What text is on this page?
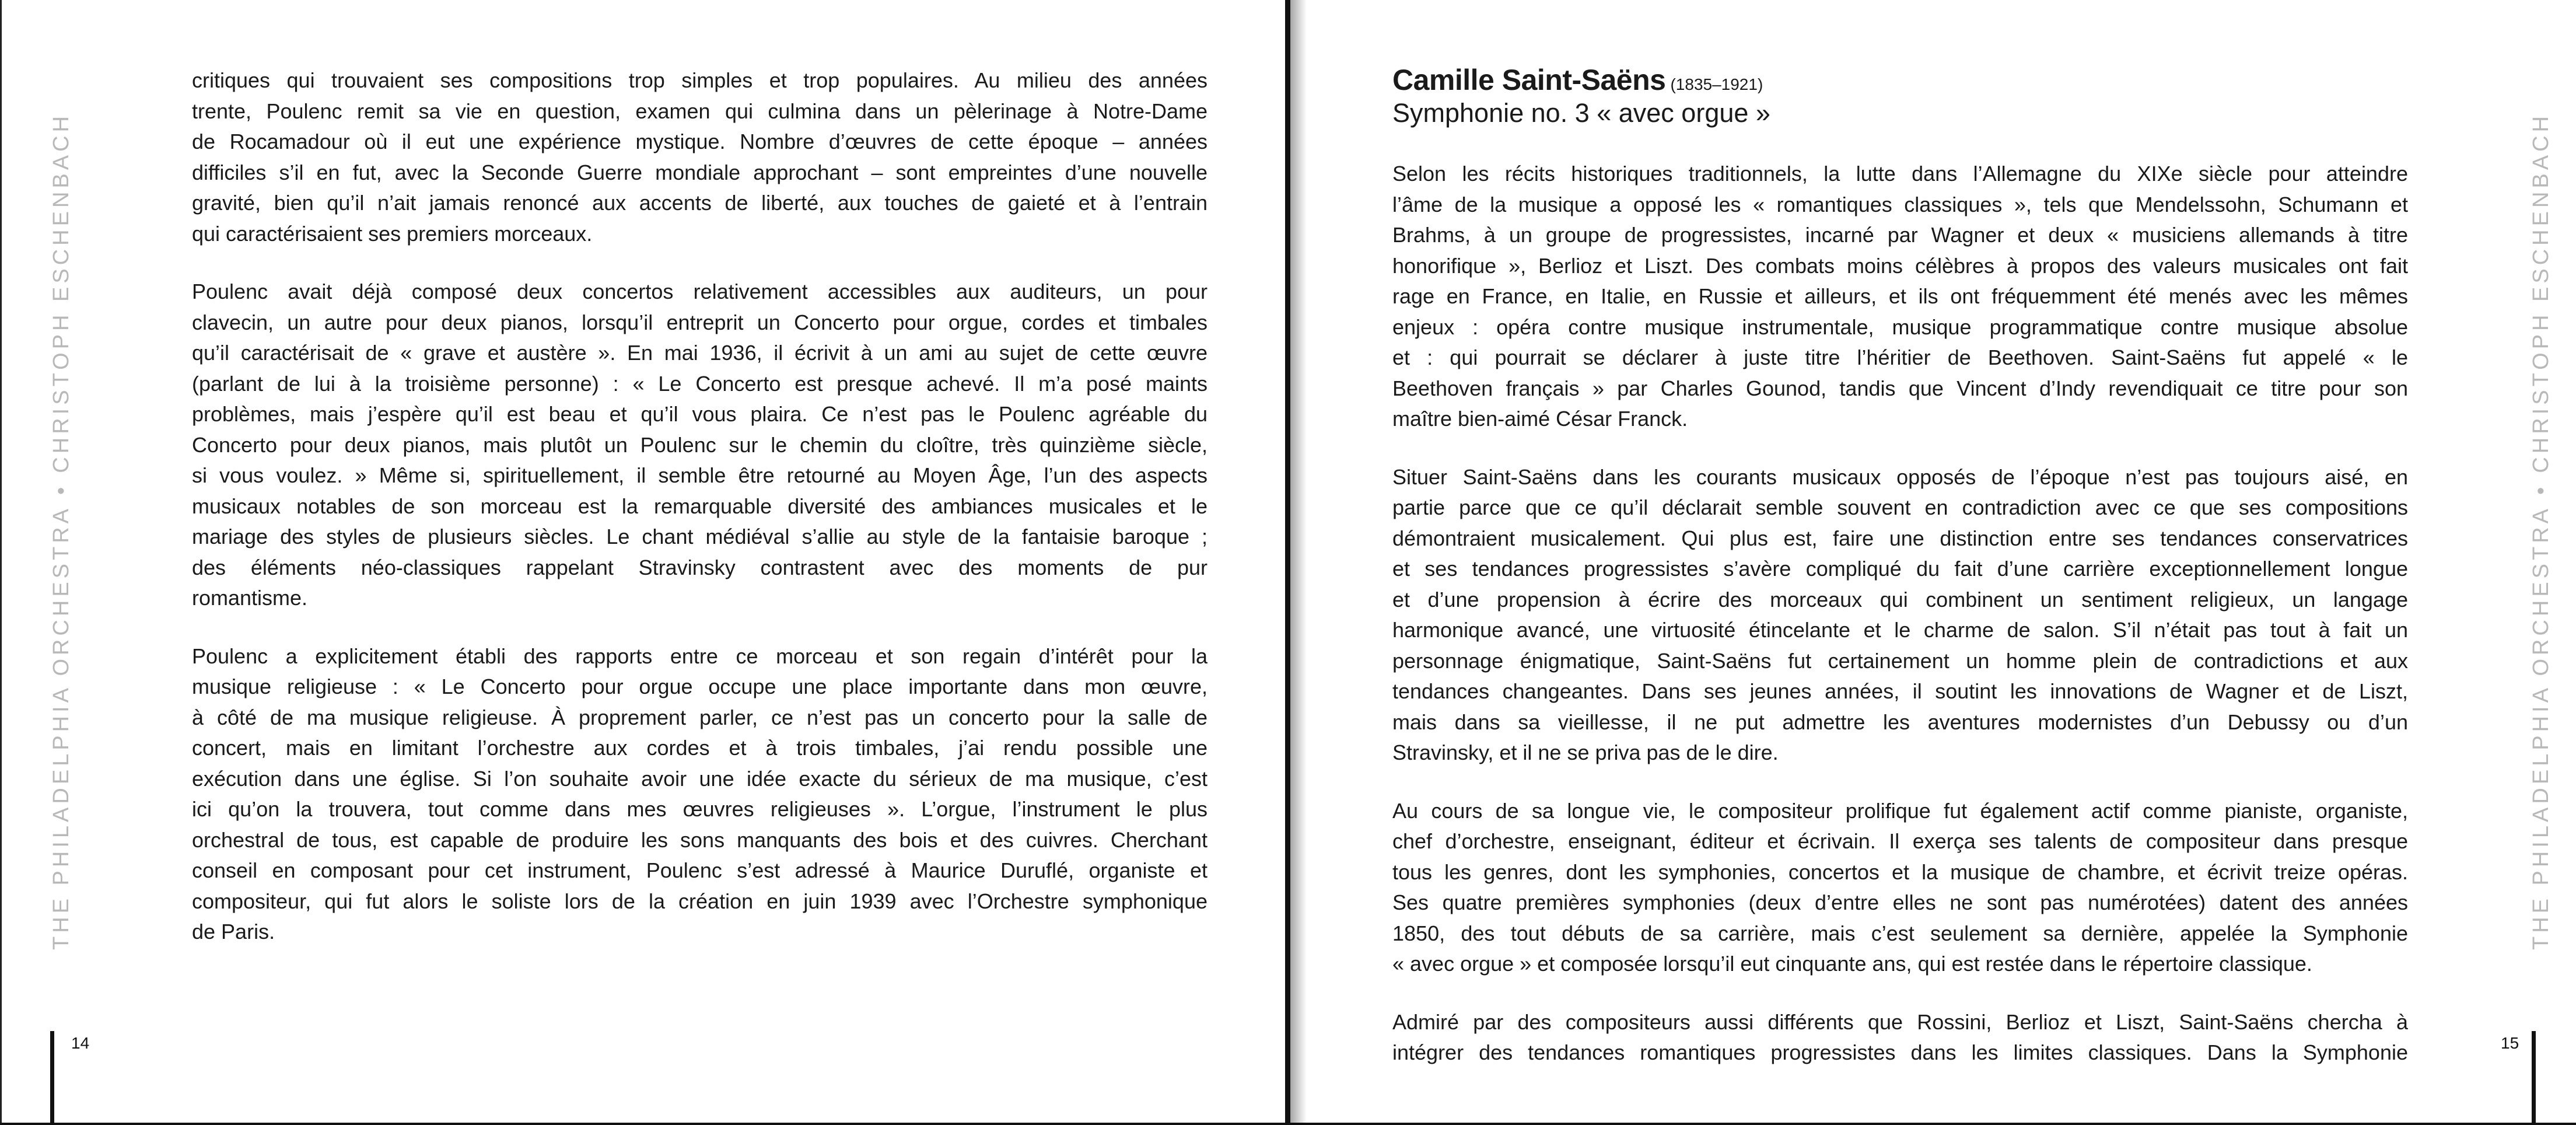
THE PHILADELPHIA ORCHESTRA•CHRISTOPH ESCHENBACH
critiques qui trouvaient ses compositions trop simples et trop populaires. Au milieu des années
trente, Poulenc remit sa vie en question, examen qui culmina dans un pèlerinage à Notre-Dame
de Rocamadour où il eut une expérience mystique. Nombre d’œuvres de cette époque – années
difficiles s’il en fut, avec la Seconde Guerre mondiale approchant – sont empreintes d’une nouvelle
gravité, bien qu’il n’ait jamais renoncé aux accents de liberté, aux touches de gaieté et à l’entrain
qui caractérisaient ses premiers morceaux.
Poulenc avait déjà composé deux concertos relativement accessibles aux auditeurs, un pour
clavecin, un autre pour deux pianos, lorsqu’il entreprit un Concerto pour orgue, cordes et timbales
qu’il caractérisait de « grave et austère ». En mai 1936, il écrivit à un ami au sujet de cette œuvre
(parlant de lui à la troisième personne) : « Le Concerto est presque achevé. Il m’a posé maints
problèmes, mais j’espère qu’il est beau et qu’il vous plaira. Ce n’est pas le Poulenc agréable du
Concerto pour deux pianos, mais plutôt un Poulenc sur le chemin du cloître, très quinzième siècle,
si vous voulez. » Même si, spirituellement, il semble être retourné au Moyen Âge, l’un des aspects
musicaux notables de son morceau est la remarquable diversité des ambiances musicales et le
mariage des styles de plusieurs siècles. Le chant médiéval s’allie au style de la fantaisie baroque ;
des éléments néo-classiques rappelant Stravinsky contrastent avec des moments de pur
romantisme.
Poulenc a explicitement établi des rapports entre ce morceau et son regain d’intérêt pour la
musique religieuse : « Le Concerto pour orgue occupe une place importante dans mon œuvre,
à côté de ma musique religieuse. À proprement parler, ce n’est pas un concerto pour la salle de
concert, mais en limitant l’orchestre aux cordes et à trois timbales, j’ai rendu possible une
exécution dans une église. Si l’on souhaite avoir une idée exacte du sérieux de ma musique, c’est
ici qu’on la trouvera, tout comme dans mes œuvres religieuses ». L’orgue, l’instrument le plus
orchestral de tous, est capable de produire les sons manquants des bois et des cuivres. Cherchant
conseil en composant pour cet instrument, Poulenc s’est adressé à Maurice Duruflé, organiste et
compositeur, qui fut alors le soliste lors de la création en juin 1939 avec l’Orchestre symphonique
de Paris.
14
Camille Saint-Saëns (1835–1921)
Symphonie no. 3 « avec orgue »
Selon les récits historiques traditionnels, la lutte dans l’Allemagne du XIXe siècle pour atteindre
l’âme de la musique a opposé les « romantiques classiques », tels que Mendelssohn, Schumann et
Brahms, à un groupe de progressistes, incarné par Wagner et deux « musiciens allemands à titre
honorifique », Berlioz et Liszt. Des combats moins célèbres à propos des valeurs musicales ont fait
rage en France, en Italie, en Russie et ailleurs, et ils ont fréquemment été menés avec les mêmes
enjeux : opéra contre musique instrumentale, musique programmatique contre musique absolue
et : qui pourrait se déclarer à juste titre l’héritier de Beethoven. Saint-Saëns fut appelé « le
Beethoven français » par Charles Gounod, tandis que Vincent d’Indy revendiquait ce titre pour son
maître bien-aimé César Franck.
Situer Saint-Saëns dans les courants musicaux opposés de l’époque n’est pas toujours aisé, en
partie parce que ce qu’il déclarait semble souvent en contradiction avec ce que ses compositions
démontraient musicalement. Qui plus est, faire une distinction entre ses tendances conservatrices
et ses tendances progressistes s’avère compliqué du fait d’une carrière exceptionnellement longue
et d’une propension à écrire des morceaux qui combinent un sentiment religieux, un langage
harmonique avancé, une virtuosité étincelante et le charme de salon. S’il n’était pas tout à fait un
personnage énigmatique, Saint-Saëns fut certainement un homme plein de contradictions et aux
tendances changeantes. Dans ses jeunes années, il soutint les innovations de Wagner et de Liszt,
mais dans sa vieillesse, il ne put admettre les aventures modernistes d’un Debussy ou d’un
Stravinsky, et il ne se priva pas de le dire.
Au cours de sa longue vie, le compositeur prolifique fut également actif comme pianiste, organiste,
chef d’orchestre, enseignant, éditeur et écrivain. Il exerça ses talents de compositeur dans presque
tous les genres, dont les symphonies, concertos et la musique de chambre, et écrivit treize opéras.
Ses quatre premières symphonies (deux d’entre elles ne sont pas numérotées) datent des années
1850, des tout débuts de sa carrière, mais c’est seulement sa dernière, appelée la Symphonie
« avec orgue » et composée lorsqu’il eut cinquante ans, qui est restée dans le répertoire classique.
Admiré par des compositeurs aussi différents que Rossini, Berlioz et Liszt, Saint-Saëns chercha à
intégrer des tendances romantiques progressistes dans les limites classiques. Dans la Symphonie
THE PHILADELPHIA ORCHESTRA•CHRISTOPH ESCHENBACH
15
